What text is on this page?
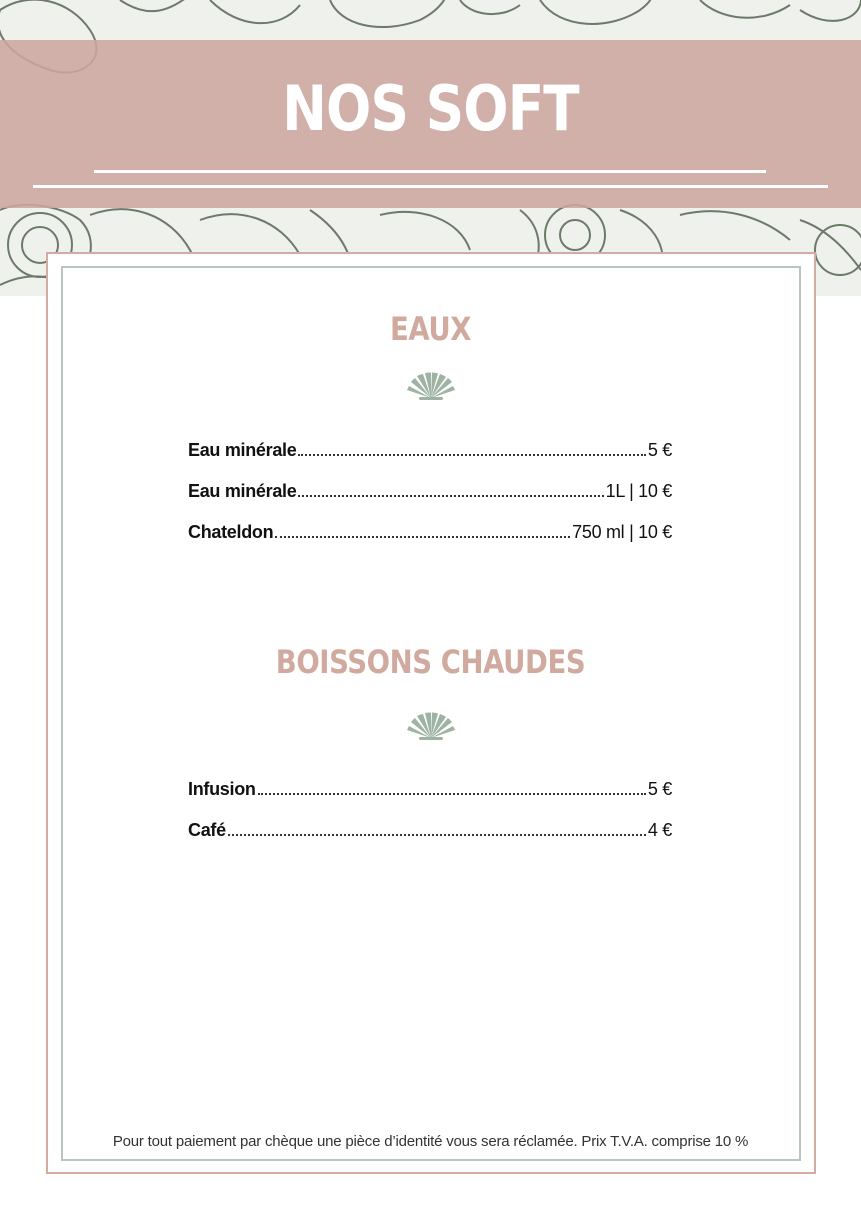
NOS SOFT
EAUX
Eau minérale	5 €
Eau minérale	1L | 10 €
Chateldon	750 ml | 10 €
BOISSONS CHAUDES
Infusion	5 €
Café	4 €
Pour tout paiement par chèque une pièce d’identité vous sera réclamée. Prix T.V.A. comprise 10 %
